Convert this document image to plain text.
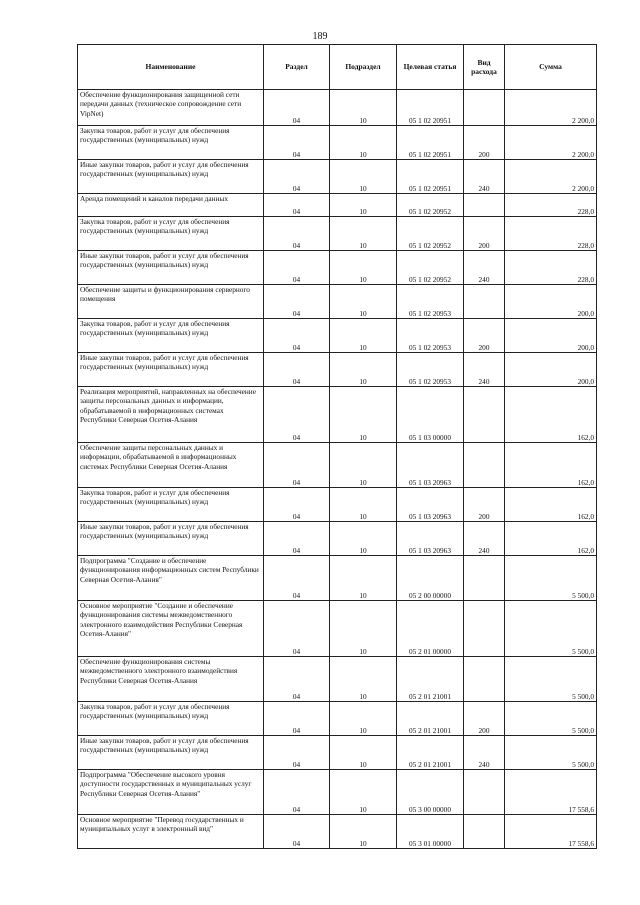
189
Наименование	Раздел	Подраздел	Целевая статья	Вид расхода	Сумма
Обеспечение функционирования защищенной сети передачи данных (техническое сопровождение сети VipNet)	04	10	05 1 02 20951		2 200,0
Закупка товаров, работ и услуг для обеспечения государственных (муниципальных) нужд	04	10	05 1 02 20951	200	2 200,0
Иные закупки товаров, работ и услуг для обеспечения государственных (муниципальных) нужд	04	10	05 1 02 20951	240	2 200,0
Аренда помещений и каналов передачи данных	04	10	05 1 02 20952		228,0
Закупка товаров, работ и услуг для обеспечения государственных (муниципальных) нужд	04	10	05 1 02 20952	200	228,0
Иные закупки товаров, работ и услуг для обеспечения государственных (муниципальных) нужд	04	10	05 1 02 20952	240	228,0
Обеспечение защиты и функционирования серверного помещения	04	10	05 1 02 20953		200,0
Закупка товаров, работ и услуг для обеспечения государственных (муниципальных) нужд	04	10	05 1 02 20953	200	200,0
Иные закупки товаров, работ и услуг для обеспечения государственных (муниципальных) нужд	04	10	05 1 02 20953	240	200,0
Реализация мероприятий, направленных на обеспечение защиты персональных данных и информации, обрабатываемой в информационных системах Республики Северная Осетия-Алания	04	10	05 1 03 00000		162,0
Обеспечение защиты персональных данных и информации, обрабатываемой в информационных системах Республики Северная Осетия-Алания	04	10	05 1 03 20963		162,0
Закупка товаров, работ и услуг для обеспечения государственных (муниципальных) нужд	04	10	05 1 03 20963	200	162,0
Иные закупки товаров, работ и услуг для обеспечения государственных (муниципальных) нужд	04	10	05 1 03 20963	240	162,0
Подпрограмма "Создание и обеспечение функционирования информационных систем Республики Северная Осетия-Алания"	04	10	05 2 00 00000		5 500,0
Основное мероприятие "Создание и обеспечение функционирования системы межведомственного электронного взаимодействия Республики Северная Осетия-Алания"	04	10	05 2 01 00000		5 500,0
Обеспечение функционирования системы межведомственного электронного взаимодействия Республики Северная Осетия-Алания	04	10	05 2 01 21001		5 500,0
Закупка товаров, работ и услуг для обеспечения государственных (муниципальных) нужд	04	10	05 2 01 21001	200	5 500,0
Иные закупки товаров, работ и услуг для обеспечения государственных (муниципальных) нужд	04	10	05 2 01 21001	240	5 500,0
Подпрограмма "Обеспечение высокого уровня доступности государственных и муниципальных услуг Республики Северная Осетия-Алания"	04	10	05 3 00 00000		17 558,6
Основное мероприятие "Перевод государственных и муниципальных услуг в электронный вид"	04	10	05 3 01 00000		17 558,6
